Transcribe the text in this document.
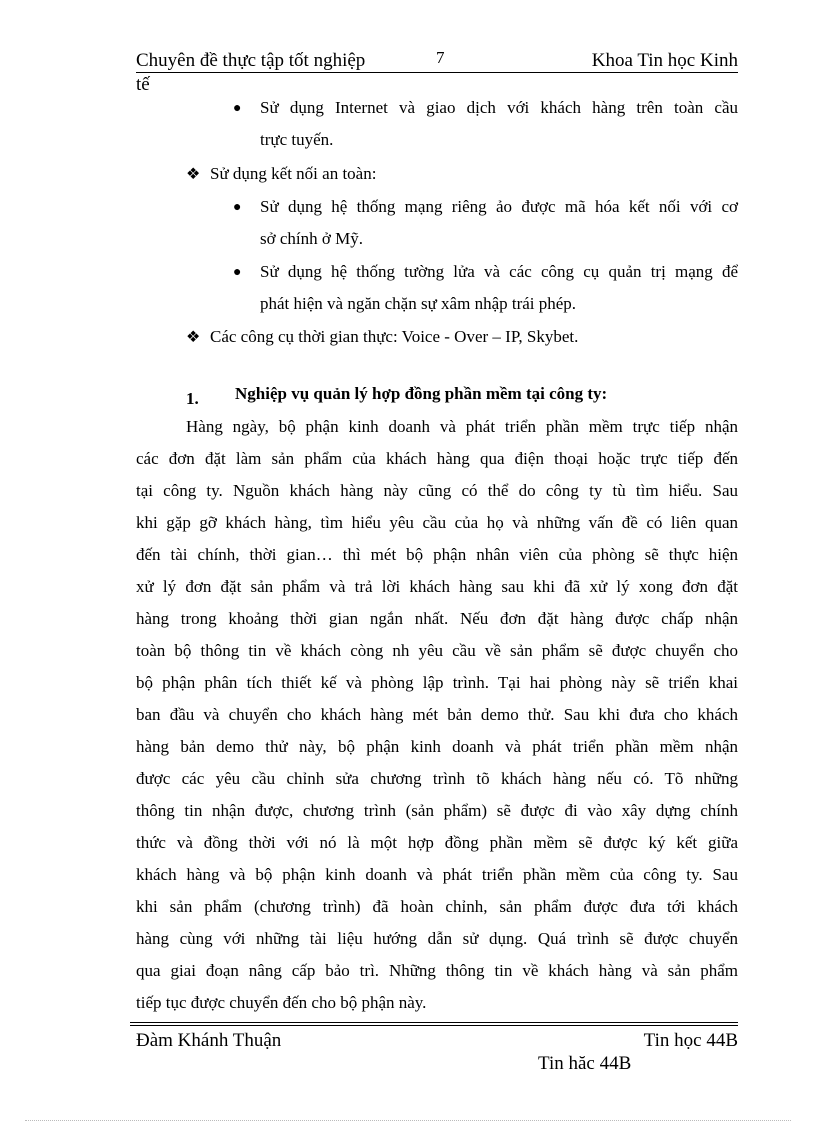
Chuyên đề thực tập tốt nghiệp	7	Khoa Tin học Kinh
tế
● Sử dụng Internet và giao dịch với khách hàng trên toàn cầu
trực tuyến.
❖ Sử dụng kết nối an toàn:
● Sử dụng hệ thống mạng riêng ảo được mã hóa kết nối với cơ
sở chính ở Mỹ.
● Sử dụng hệ thống tường lửa và các công cụ quản trị mạng để
phát hiện và ngăn chặn sự xâm nhập trái phép.
❖ Các công cụ thời gian thực: Voice - Over – IP, Skybet.
1. Nghiệp vụ quản lý hợp đồng phần mềm tại công ty:
Hàng ngày, bộ phận kinh doanh và phát triển phần mềm trực tiếp nhận
các đơn đặt làm sản phẩm của khách hàng qua điện thoại hoặc trực tiếp đến
tại công ty. Nguồn khách hàng này cũng có thể do công ty tù tìm hiểu. Sau
khi gặp gỡ khách hàng, tìm hiểu yêu cầu của họ và những vấn đề có liên quan
đến tài chính, thời gian… thì mét bộ phận nhân viên của phòng sẽ thực hiện
xử lý đơn đặt sản phẩm và trả lời khách hàng sau khi đã xử lý xong đơn đặt
hàng trong khoảng thời gian ngắn nhất. Nếu đơn đặt hàng được chấp nhận
toàn bộ thông tin về khách còng nh yêu cầu về sản phẩm sẽ được chuyển cho
bộ phận phân tích thiết kế và phòng lập trình. Tại hai phòng này sẽ triển khai
ban đầu và chuyển cho khách hàng mét bản demo thử. Sau khi đưa cho khách
hàng bản demo thử này, bộ phận kinh doanh và phát triển phần mềm nhận
được các yêu cầu chỉnh sửa chương trình tõ khách hàng nếu có. Tõ những
thông tin nhận được, chương trình (sản phẩm) sẽ được đi vào xây dựng chính
thức và đồng thời với nó là một hợp đồng phần mềm sẽ được ký kết giữa
khách hàng và bộ phận kinh doanh và phát triển phần mềm của công ty. Sau
khi sản phẩm (chương trình) đã hoàn chỉnh, sản phẩm được đưa tới khách
hàng cùng với những tài liệu hướng dẫn sử dụng. Quá trình sẽ được chuyển
qua giai đoạn nâng cấp bảo trì. Những thông tin về khách hàng và sản phẩm
tiếp tục được chuyển đến cho bộ phận này.
Đàm Khánh Thuận	Tin học 44B
Tin hăc 44B
